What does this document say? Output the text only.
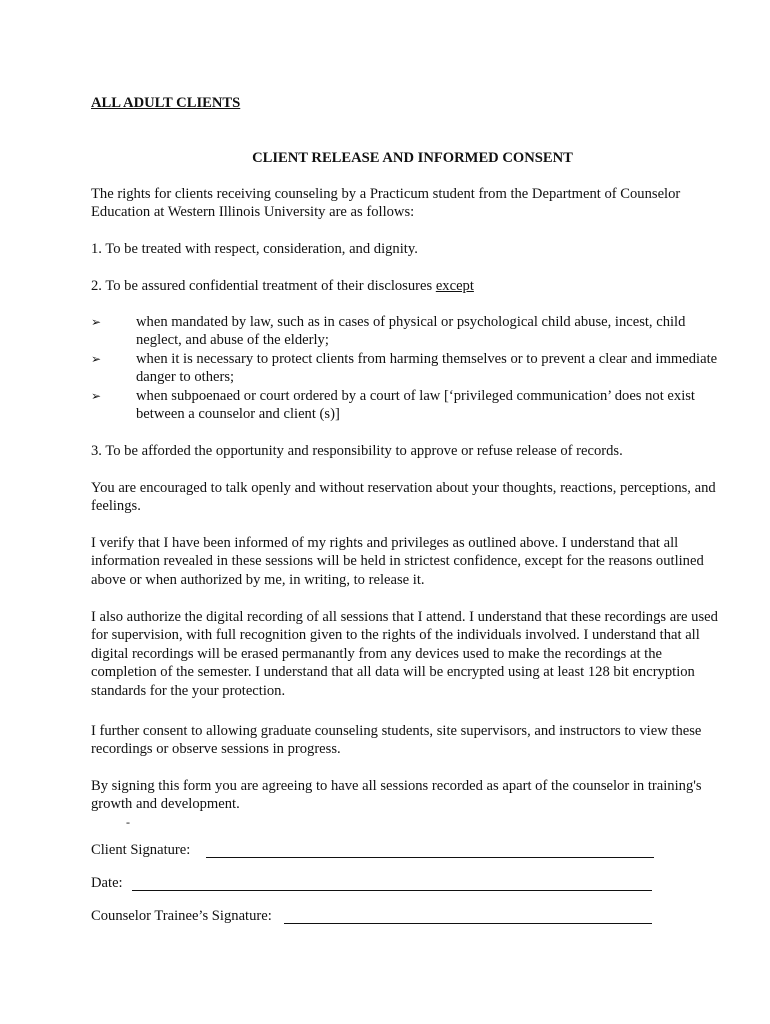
ALL ADULT CLIENTS

CLIENT RELEASE AND INFORMED CONSENT

The rights for clients receiving counseling by a Practicum student from the Department of Counselor Education at Western Illinois University are as follows:

1. To be treated with respect, consideration, and dignity.

2. To be assured confidential treatment of their disclosures except

➢ when mandated by law, such as in cases of physical or psychological child abuse, incest, child neglect, and abuse of the elderly;
➢ when it is necessary to protect clients from harming themselves or to prevent a clear and immediate danger to others;
➢ when subpoenaed or court ordered by a court of law [‘privileged communication’ does not exist between a counselor and client (s)]

3. To be afforded the opportunity and responsibility to approve or refuse release of records.

You are encouraged to talk openly and without reservation about your thoughts, reactions, perceptions, and feelings.

I verify that I have been informed of my rights and privileges as outlined above. I understand that all information revealed in these sessions will be held in strictest confidence, except for the reasons outlined above or when authorized by me, in writing, to release it.

I also authorize the digital recording of all sessions that I attend. I understand that these recordings are used for supervision, with full recognition given to the rights of the individuals involved. I understand that all digital recordings will be erased permanantly from any devices used to make the recordings at the completion of the semester. I understand that all data will be encrypted using at least 128 bit encryption standards for the your protection.

I further consent to allowing graduate counseling students, site supervisors, and instructors to view these recordings or observe sessions in progress.

By signing this form you are agreeing to have all sessions recorded as apart of the counselor in training's growth and development.

-
Client Signature:
Date:
Counselor Trainee’s Signature:
